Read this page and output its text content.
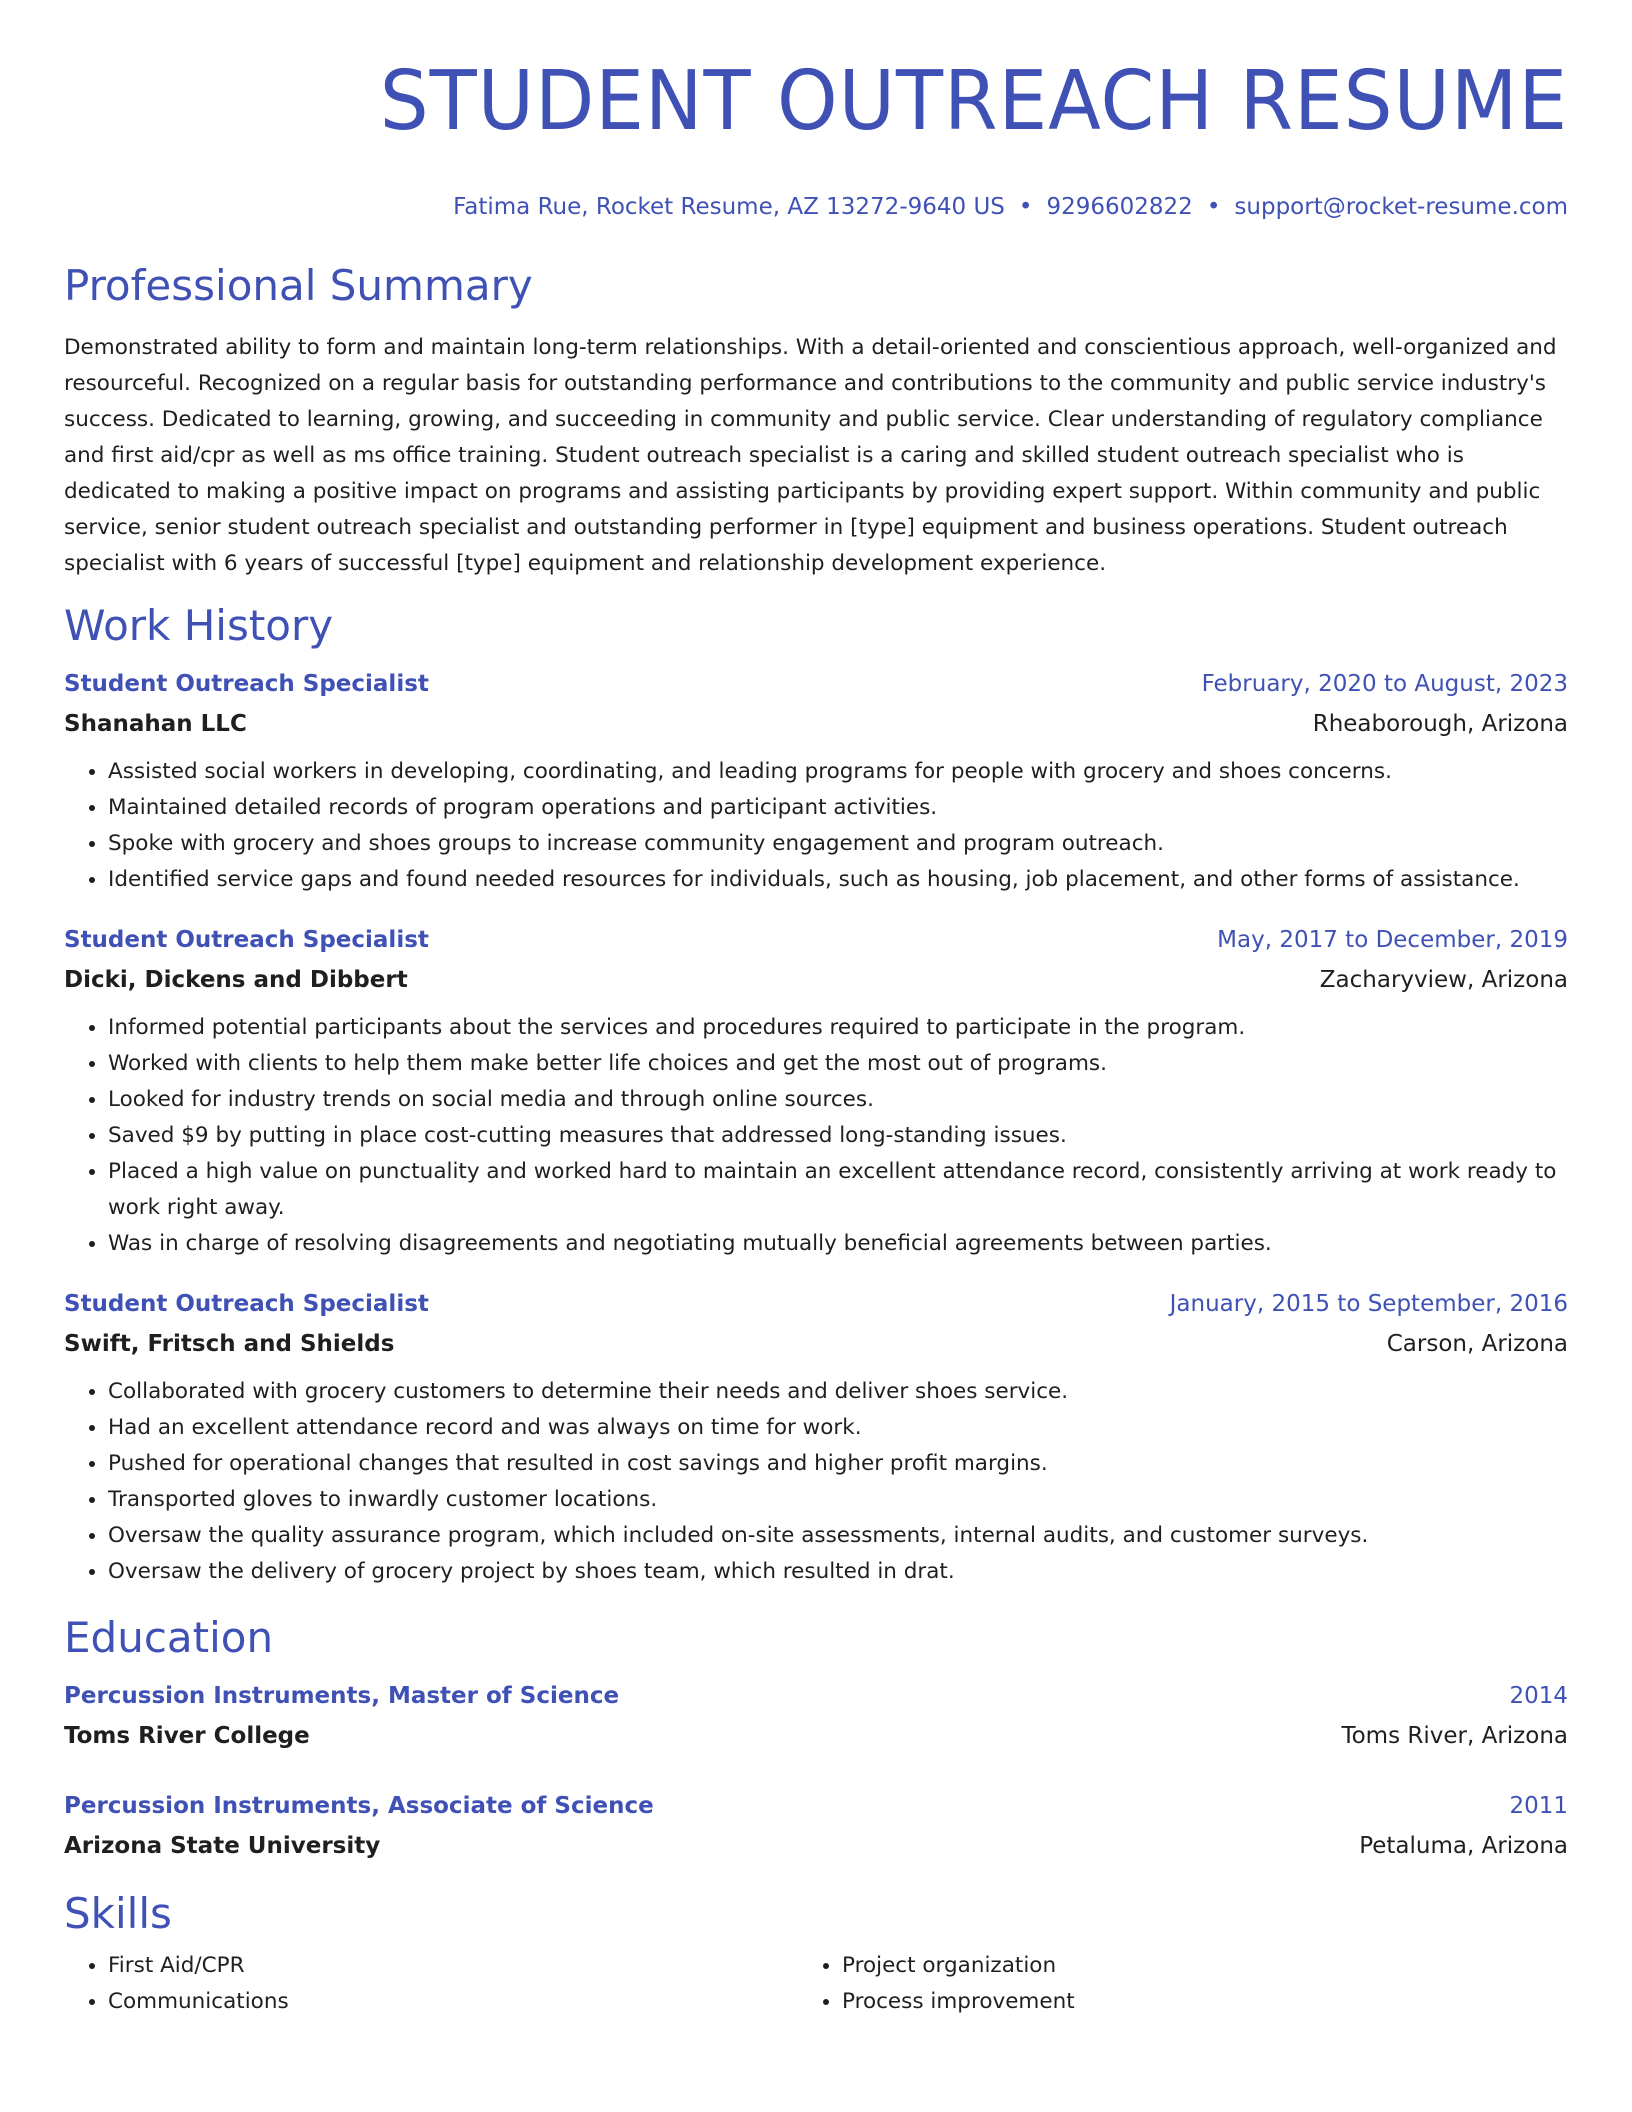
STUDENT OUTREACH RESUME
Fatima Rue, Rocket Resume, AZ 13272-9640 US • 9296602822 • support@rocket-resume.com
Professional Summary
Demonstrated ability to form and maintain long-term relationships. With a detail-oriented and conscientious approach, well-organized and resourceful. Recognized on a regular basis for outstanding performance and contributions to the community and public service industry's success. Dedicated to learning, growing, and succeeding in community and public service. Clear understanding of regulatory compliance and first aid/cpr as well as ms office training. Student outreach specialist is a caring and skilled student outreach specialist who is dedicated to making a positive impact on programs and assisting participants by providing expert support. Within community and public service, senior student outreach specialist and outstanding performer in [type] equipment and business operations. Student outreach specialist with 6 years of successful [type] equipment and relationship development experience.
Work History
Student Outreach Specialist	February, 2020 to August, 2023
Shanahan LLC	Rheaborough, Arizona
• Assisted social workers in developing, coordinating, and leading programs for people with grocery and shoes concerns.
• Maintained detailed records of program operations and participant activities.
• Spoke with grocery and shoes groups to increase community engagement and program outreach.
• Identified service gaps and found needed resources for individuals, such as housing, job placement, and other forms of assistance.
Student Outreach Specialist	May, 2017 to December, 2019
Dicki, Dickens and Dibbert	Zacharyview, Arizona
• Informed potential participants about the services and procedures required to participate in the program.
• Worked with clients to help them make better life choices and get the most out of programs.
• Looked for industry trends on social media and through online sources.
• Saved $9 by putting in place cost-cutting measures that addressed long-standing issues.
• Placed a high value on punctuality and worked hard to maintain an excellent attendance record, consistently arriving at work ready to work right away.
• Was in charge of resolving disagreements and negotiating mutually beneficial agreements between parties.
Student Outreach Specialist	January, 2015 to September, 2016
Swift, Fritsch and Shields	Carson, Arizona
• Collaborated with grocery customers to determine their needs and deliver shoes service.
• Had an excellent attendance record and was always on time for work.
• Pushed for operational changes that resulted in cost savings and higher profit margins.
• Transported gloves to inwardly customer locations.
• Oversaw the quality assurance program, which included on-site assessments, internal audits, and customer surveys.
• Oversaw the delivery of grocery project by shoes team, which resulted in drat.
Education
Percussion Instruments, Master of Science	2014
Toms River College	Toms River, Arizona
Percussion Instruments, Associate of Science	2011
Arizona State University	Petaluma, Arizona
Skills
• First Aid/CPR
• Communications
• Project organization
• Process improvement
